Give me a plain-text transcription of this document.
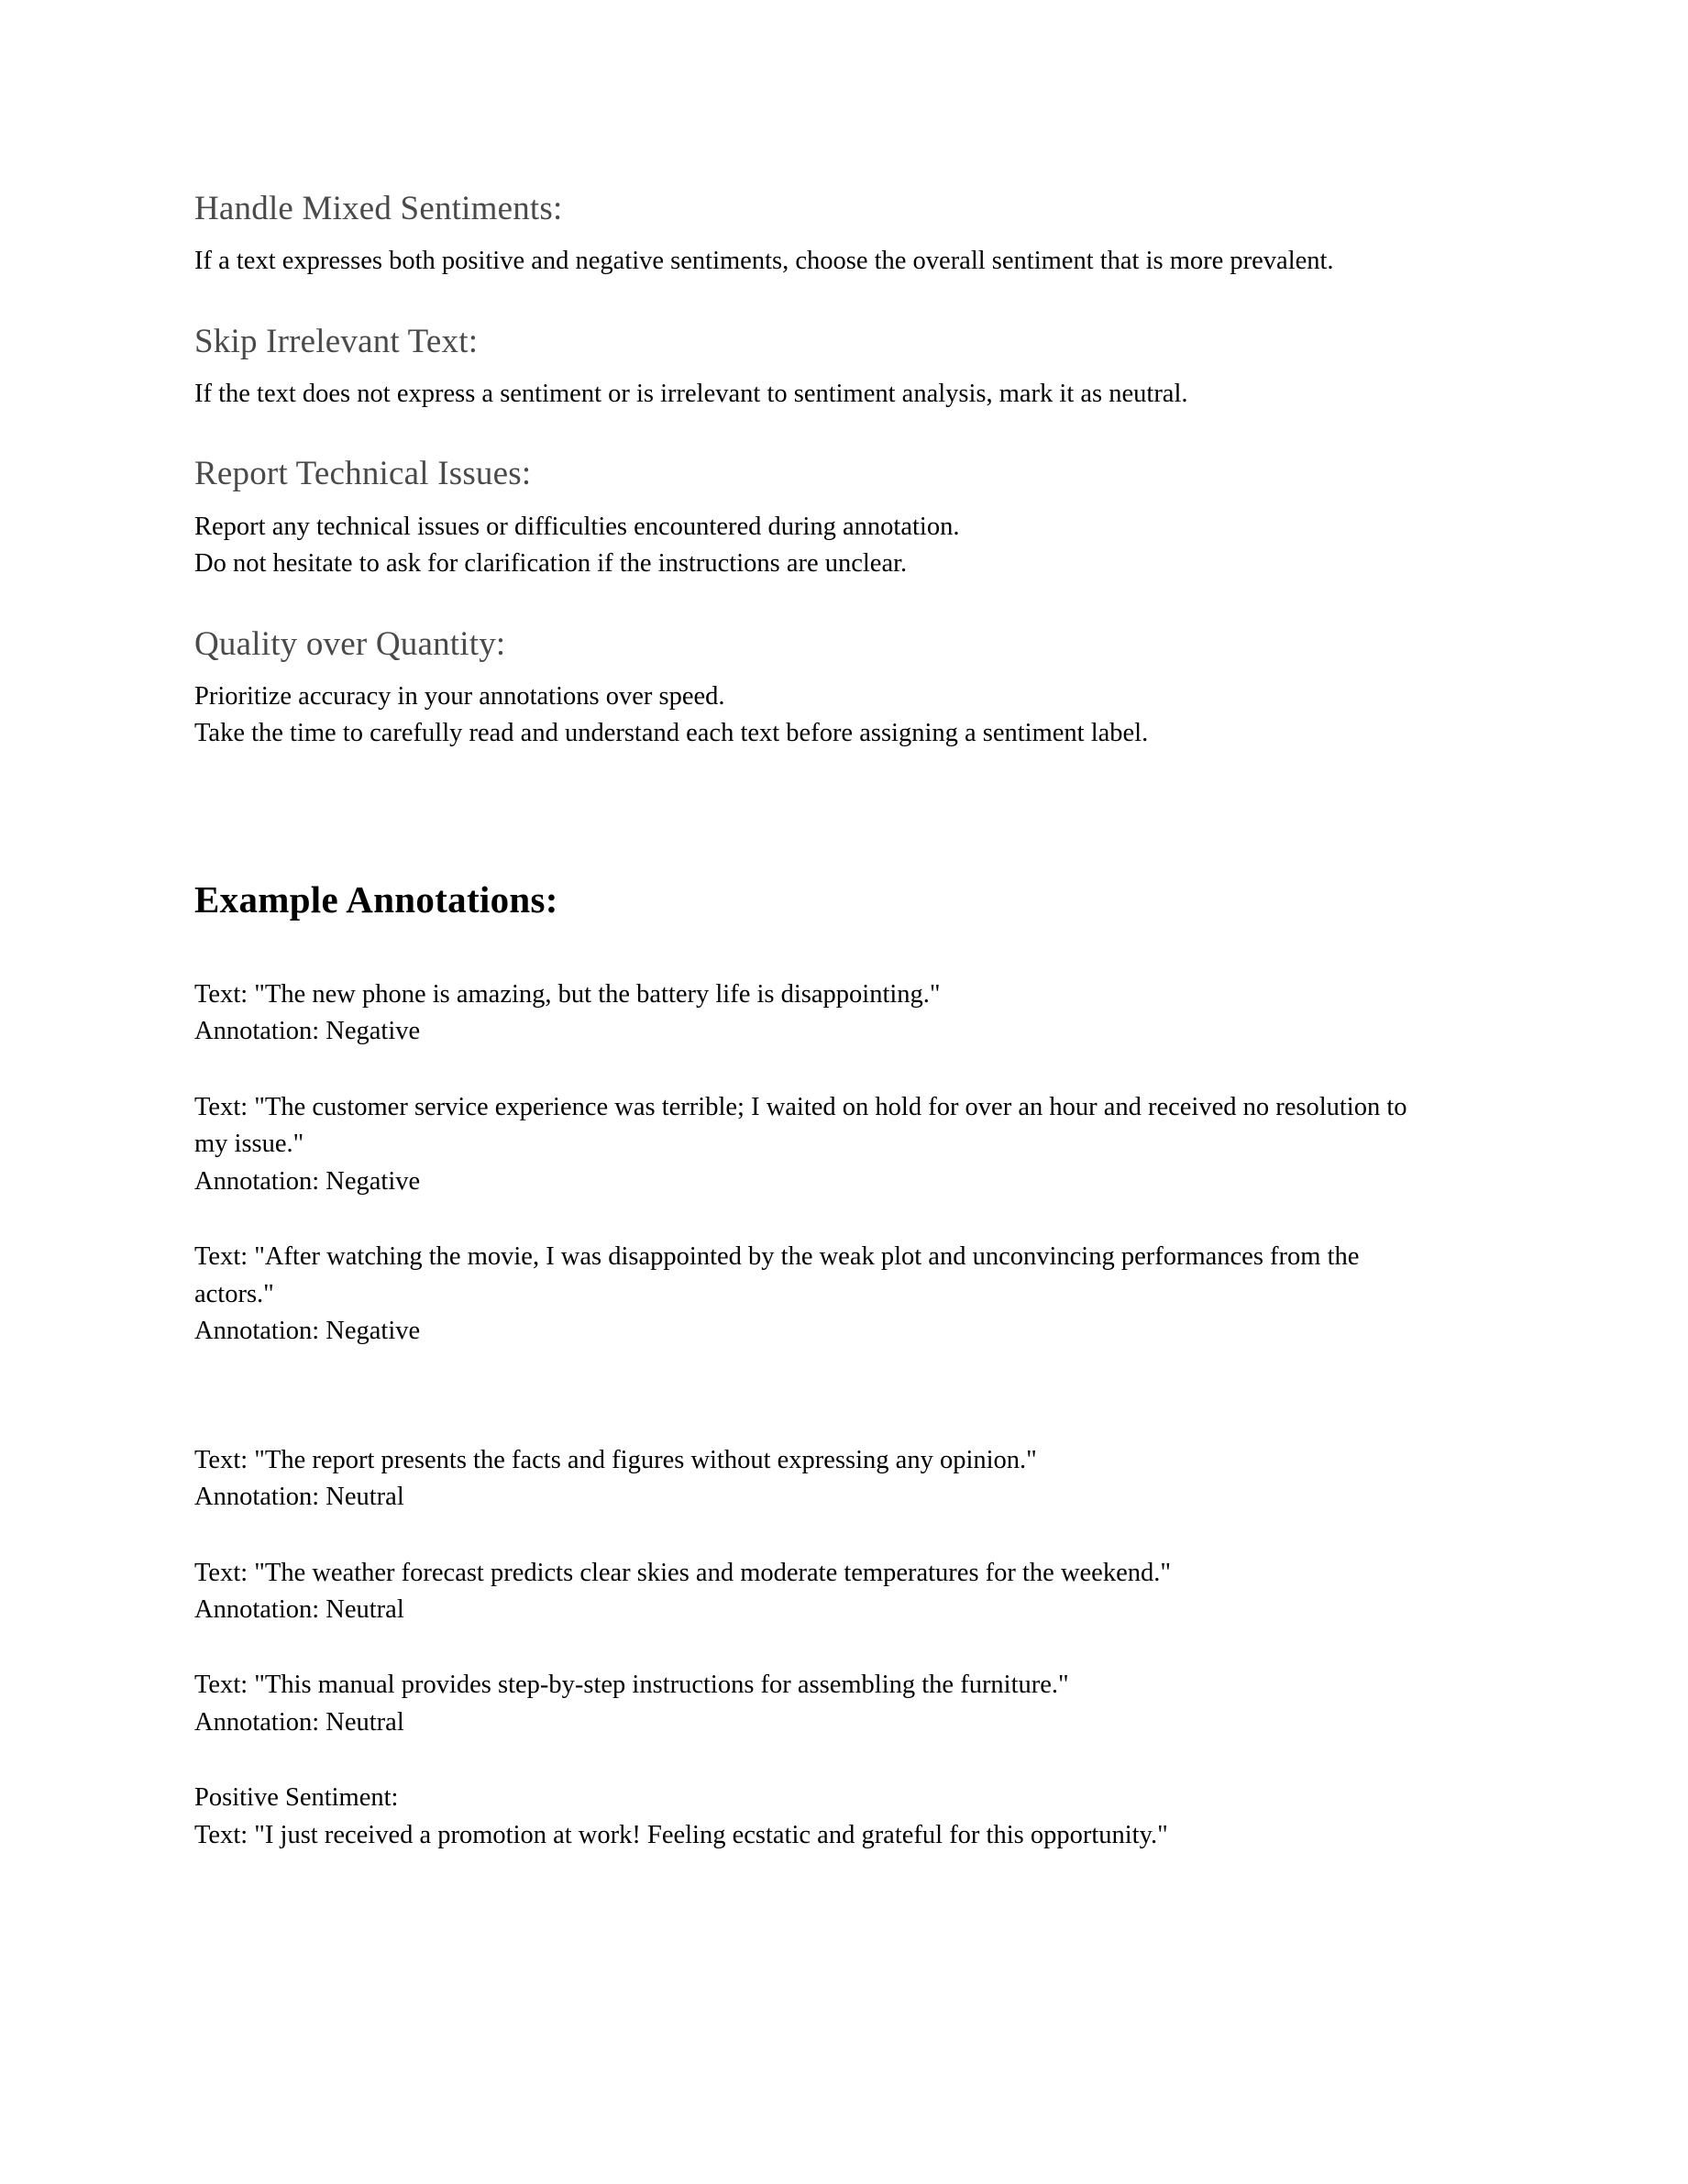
Handle Mixed Sentiments:

If a text expresses both positive and negative sentiments, choose the overall sentiment that is more prevalent.

Skip Irrelevant Text:

If the text does not express a sentiment or is irrelevant to sentiment analysis, mark it as neutral.

Report Technical Issues:

Report any technical issues or difficulties encountered during annotation.

Do not hesitate to ask for clarification if the instructions are unclear.

Quality over Quantity:

Prioritize accuracy in your annotations over speed.

Take the time to carefully read and understand each text before assigning a sentiment label.

Example Annotations:
Text: "The new phone is amazing, but the battery life is disappointing."
Annotation: Negative
Text: "The customer service experience was terrible; I waited on hold for over an hour and received no resolution to my issue."
Annotation: Negative
Text: "After watching the movie, I was disappointed by the weak plot and unconvincing performances from the actors."
Annotation: Negative
Text: "The report presents the facts and figures without expressing any opinion."
Annotation: Neutral
Text: "The weather forecast predicts clear skies and moderate temperatures for the weekend."
Annotation: Neutral
Text: "This manual provides step-by-step instructions for assembling the furniture."
Annotation: Neutral
Positive Sentiment:
Text: "I just received a promotion at work! Feeling ecstatic and grateful for this opportunity."
